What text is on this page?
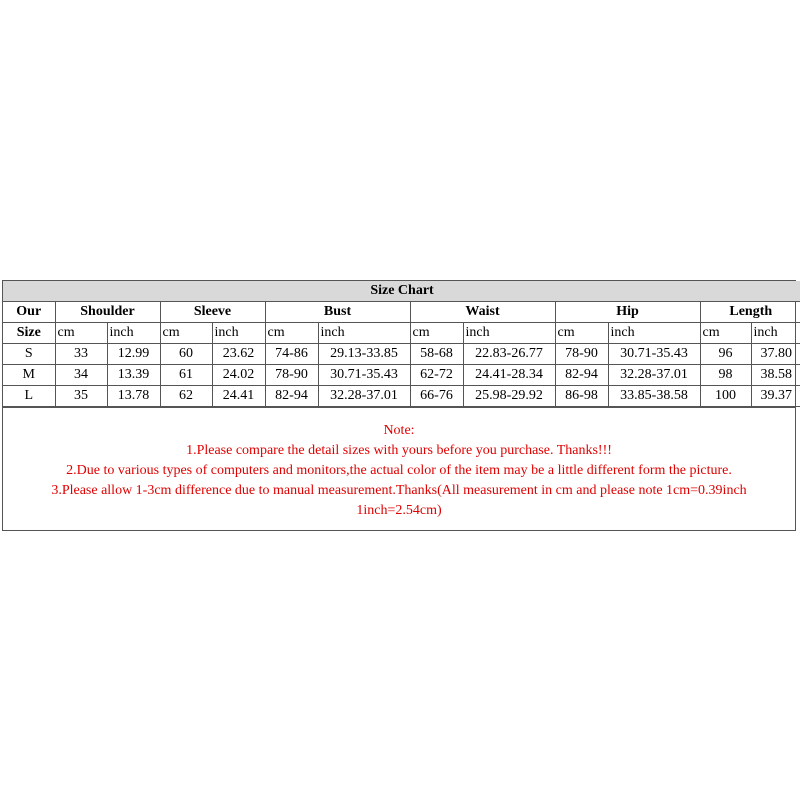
Size Chart												
Our	Shoulder		Sleeve		Bust		Waist		Hip		Length	
Size	cm	inch	cm	inch	cm	inch	cm	inch	cm	inch	cm	inch
S	33	12.99	60	23.62	74-86	29.13-33.85	58-68	22.83-26.77	78-90	30.71-35.43	96	37.80
M	34	13.39	61	24.02	78-90	30.71-35.43	62-72	24.41-28.34	82-94	32.28-37.01	98	38.58
L	35	13.78	62	24.41	82-94	32.28-37.01	66-76	25.98-29.92	86-98	33.85-38.58	100	39.37
Note:
1.Please compare the detail sizes with yours before you purchase. Thanks!!!
2.Due to various types of computers and monitors,the actual color of the item may be a little different form the picture.
3.Please allow 1-3cm difference due to manual measurement.Thanks(All measurement in cm and please note 1cm=0.39inch 1inch=2.54cm)
